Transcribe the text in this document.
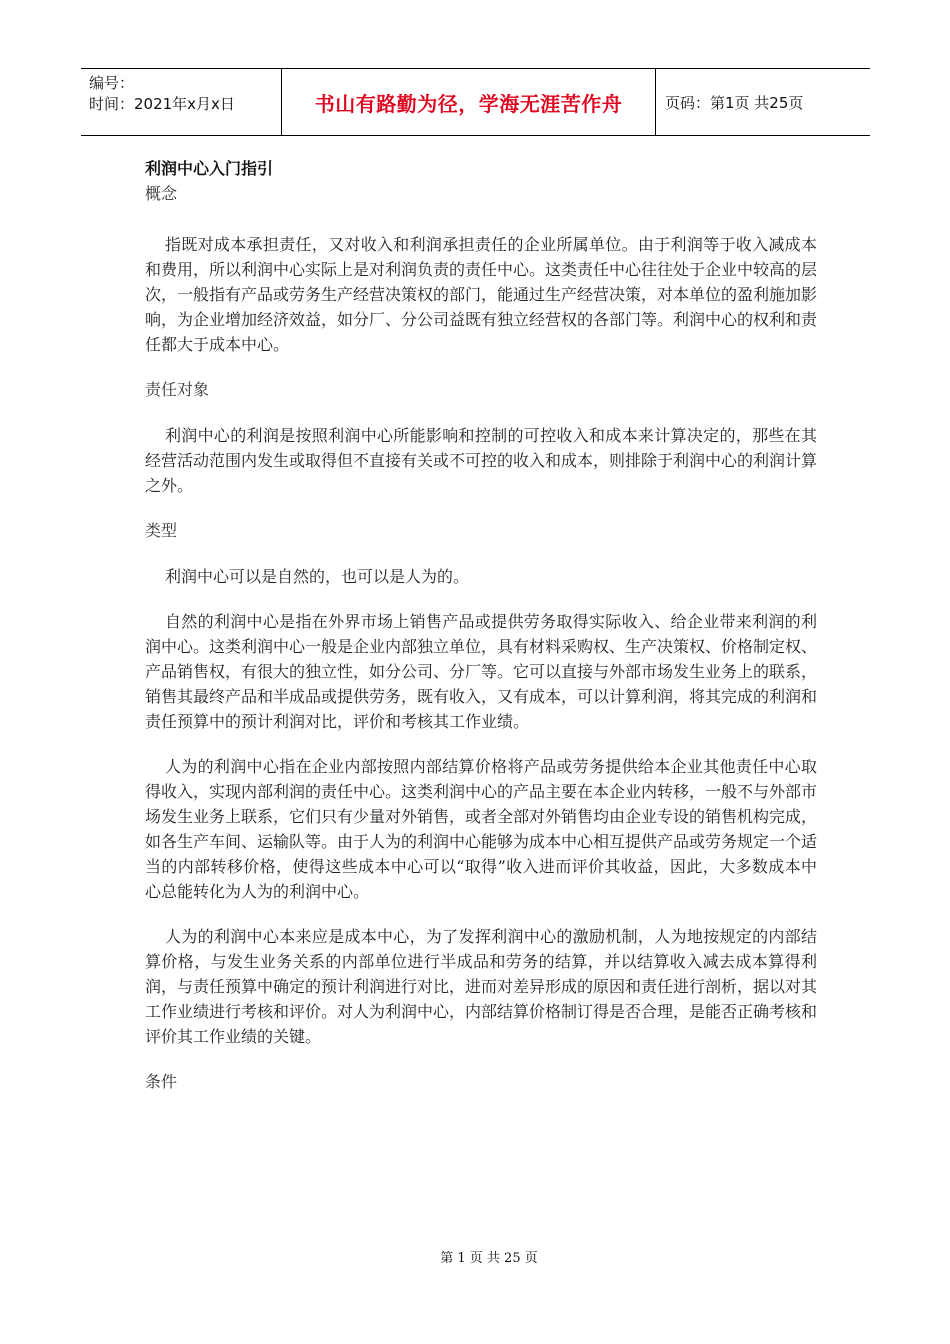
编号：
时间：2021年x月x日	书山有路勤为径，学海无涯苦作舟	页码：第1页 共25页
利润中心入门指引
概念

指既对成本承担责任，又对收入和利润承担责任的企业所属单位。由于利润等于收入减成本和费用，所以利润中心实际上是对利润负责的责任中心。这类责任中心往往处于企业中较高的层次，一般指有产品或劳务生产经营决策权的部门，能通过生产经营决策，对本单位的盈利施加影响，为企业增加经济效益，如分厂、分公司益既有独立经营权的各部门等。利润中心的权利和责任都大于成本中心。

责任对象

利润中心的利润是按照利润中心所能影响和控制的可控收入和成本来计算决定的，那些在其经营活动范围内发生或取得但不直接有关或不可控的收入和成本，则排除于利润中心的利润计算之外。

类型

利润中心可以是自然的，也可以是人为的。

自然的利润中心是指在外界市场上销售产品或提供劳务取得实际收入、给企业带来利润的利润中心。这类利润中心一般是企业内部独立单位，具有材料采购权、生产决策权、价格制定权、产品销售权，有很大的独立性，如分公司、分厂等。它可以直接与外部市场发生业务上的联系，销售其最终产品和半成品或提供劳务，既有收入，又有成本，可以计算利润，将其完成的利润和责任预算中的预计利润对比，评价和考核其工作业绩。

人为的利润中心指在企业内部按照内部结算价格将产品或劳务提供给本企业其他责任中心取得收入，实现内部利润的责任中心。这类利润中心的产品主要在本企业内转移，一般不与外部市场发生业务上联系，它们只有少量对外销售，或者全部对外销售均由企业专设的销售机构完成，如各生产车间、运输队等。由于人为的利润中心能够为成本中心相互提供产品或劳务规定一个适当的内部转移价格，使得这些成本中心可以“取得”收入进而评价其收益，因此，大多数成本中心总能转化为人为的利润中心。

人为的利润中心本来应是成本中心，为了发挥利润中心的激励机制，人为地按规定的内部结算价格，与发生业务关系的内部单位进行半成品和劳务的结算，并以结算收入减去成本算得利润，与责任预算中确定的预计利润进行对比，进而对差异形成的原因和责任进行剖析，据以对其工作业绩进行考核和评价。对人为利润中心，内部结算价格制订得是否合理，是能否正确考核和评价其工作业绩的关键。

条件
第 1 页 共 25 页
